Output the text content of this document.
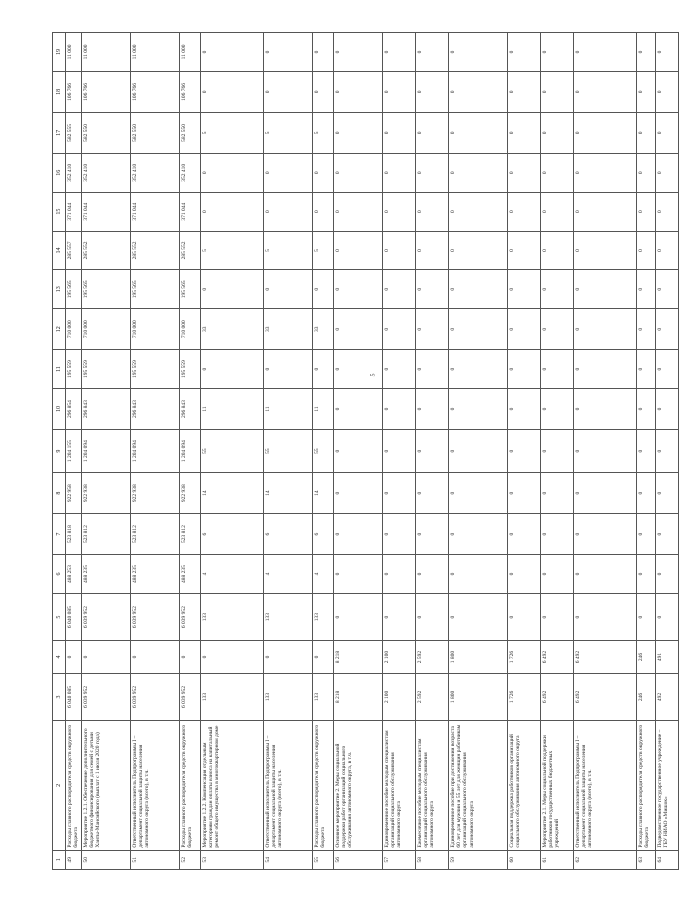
5
1	2	3	4	5	6	7	8	9	10	11	12	13	14	15	16	17	18	19
49	Расходы главного распорядителя средств окружного бюджета	6 040 085	0	6 040 085	488 253	523 818	922 958	1 204 155	296 854	195 559	710 000	195 565	285 557	371 044	352 410	582 555	106 766	11 000
50	Мероприятие 1.2.1. Обеспечение дополнительного бюджетного финансирования для семей с детьми Ханты-Мансийского (выплат с 1 июля 2020 года)	6 039 952	0	6 039 952	488 235	523 812	922 938	1 204 094	296 843	195 559	710 000	195 565	285 552	371 044	352 410	582 550	106 766	11 000
51	Ответственный исполнитель Подпрограммы I – департамент социальной защиты населения автономного округа (всего), в т.ч.	6 039 952	0	6 039 952	488 235	523 812	922 938	1 204 094	296 843	195 559	710 000	195 565	285 552	371 044	352 410	582 550	106 766	11 000
52	Расходы главного распорядителя средств окружного бюджета	6 039 952	0	6 039 952	488 235	523 812	922 938	1 204 094	296 843	195 559	710 000	195 565	285 552	371 044	352 410	582 550	106 766	11 000
53	Мероприятие 1.2.2. Компенсация отдельным категориям граждан оплаты взноса на капитальный ремонт общего имущества в многоквартирном доме	133	0	133	4	6	14	55	11	0	33	0	5	0	0	5	0	0
54	Ответственный исполнитель Подпрограммы I – департамент социальной защиты населения автономного округа (всего), в т.ч.	133	0	133	4	6	14	55	11	0	33	0	5	0	0	5	0	0
55	Расходы главного распорядителя средств окружного бюджета	133	0	133	4	6	14	55	11	0	33	0	5	0	0	5	0	0
56	Основное мероприятие 2. Меры социальной поддержки работ организаций социального обслуживания автономного округа, в т.ч.	8 218	8 218	0	0	0	0	0	0	0	0	0	0	0	0	0	0	0
57	Единовременное пособие молодым специалистам организаций социального обслуживания автономного округа	2 100	2 100	0	0	0	0	0	0	0	0	0	0	0	0	0	0	0
58	Ежемесячное пособие молодым специалистам организаций социального обслуживания автономного округа	2 592	2 592	0	0	0	0	0	0	0	0	0	0	0	0	0	0	0
59	Единовременное пособие при достижении возраста 60 лет для мужчин и 55 лет для женщин работникам организаций социального обслуживания автономного округа	1 800	1 800	0	0	0	0	0	0	0	0	0	0	0	0	0	0	0
60	Социальная поддержка работников организаций социального обслуживания автономного округа	1 726	1 726	0	0	0	0	0	0	0	0	0	0	0	0	0	0	0
61	Мероприятие 2.1. Меры социальной поддержки работников государственных бюджетных учреждений	6 492	6 492	0	0	0	0	0	0	0	0	0	0	0	0	0	0	0
62	Ответственный исполнитель Подпрограммы I – департамент социальной защиты населения автономного округа (всего), в т.ч.	6 492	6 492	0	0	0	0	0	0	0	0	0	0	0	0	0	0	0
63	Расходы главного распорядителя средств окружного бюджета	246	246	0	0	0	0	0	0	0	0	0	0	0	0	0	0	0
64	Подведомственное государственное учреждение – ГБУ НИАО «Мишок»	492	491	0	0	0	0	0	0	0	0	0	0	0	0	0	0	0
